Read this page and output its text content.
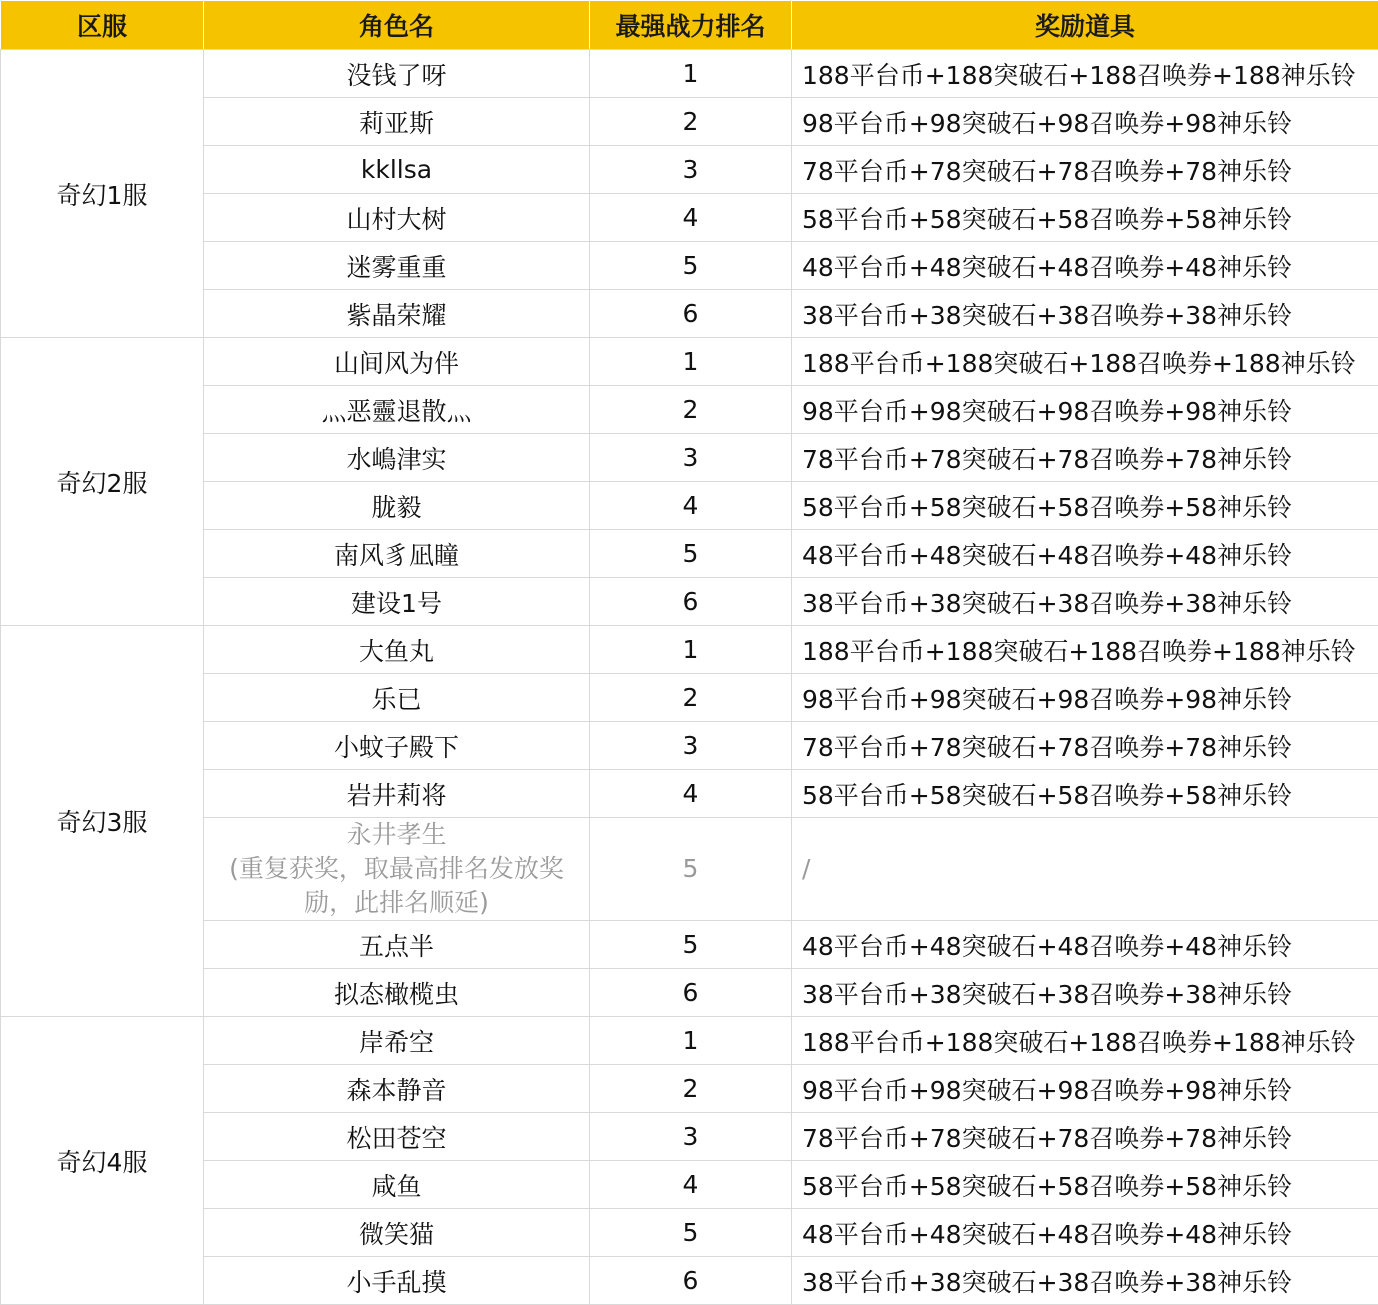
区服	角色名	最强战力排名	奖励道具
奇幻1服	没钱了呀	1	188平台币+188突破石+188召唤券+188神乐铃
	莉亚斯	2	98平台币+98突破石+98召唤券+98神乐铃
	kkllsa	3	78平台币+78突破石+78召唤券+78神乐铃
	山村大树	4	58平台币+58突破石+58召唤券+58神乐铃
	迷雾重重	5	48平台币+48突破石+48召唤券+48神乐铃
	紫晶荣耀	6	38平台币+38突破石+38召唤券+38神乐铃
奇幻2服	山间风为伴	1	188平台币+188突破石+188召唤券+188神乐铃
	灬恶靈退散灬	2	98平台币+98突破石+98召唤券+98神乐铃
	水嶋津实	3	78平台币+78突破石+78召唤券+78神乐铃
	胧毅	4	58平台币+58突破石+58召唤券+58神乐铃
	南风豸凪瞳	5	48平台币+48突破石+48召唤券+48神乐铃
	建设1号	6	38平台币+38突破石+38召唤券+38神乐铃
奇幻3服	大鱼丸	1	188平台币+188突破石+188召唤券+188神乐铃
	乐已	2	98平台币+98突破石+98召唤券+98神乐铃
	小蚊子殿下	3	78平台币+78突破石+78召唤券+78神乐铃
	岩井莉将	4	58平台币+58突破石+58召唤券+58神乐铃
	永井孝生
(重复获奖，取最高排名发放奖励，此排名顺延)	5	/
	五点半	5	48平台币+48突破石+48召唤券+48神乐铃
	拟态橄榄虫	6	38平台币+38突破石+38召唤券+38神乐铃
奇幻4服	岸希空	1	188平台币+188突破石+188召唤券+188神乐铃
	森本静音	2	98平台币+98突破石+98召唤券+98神乐铃
	松田苍空	3	78平台币+78突破石+78召唤券+78神乐铃
	咸鱼	4	58平台币+58突破石+58召唤券+58神乐铃
	微笑猫	5	48平台币+48突破石+48召唤券+48神乐铃
	小手乱摸	6	38平台币+38突破石+38召唤券+38神乐铃
